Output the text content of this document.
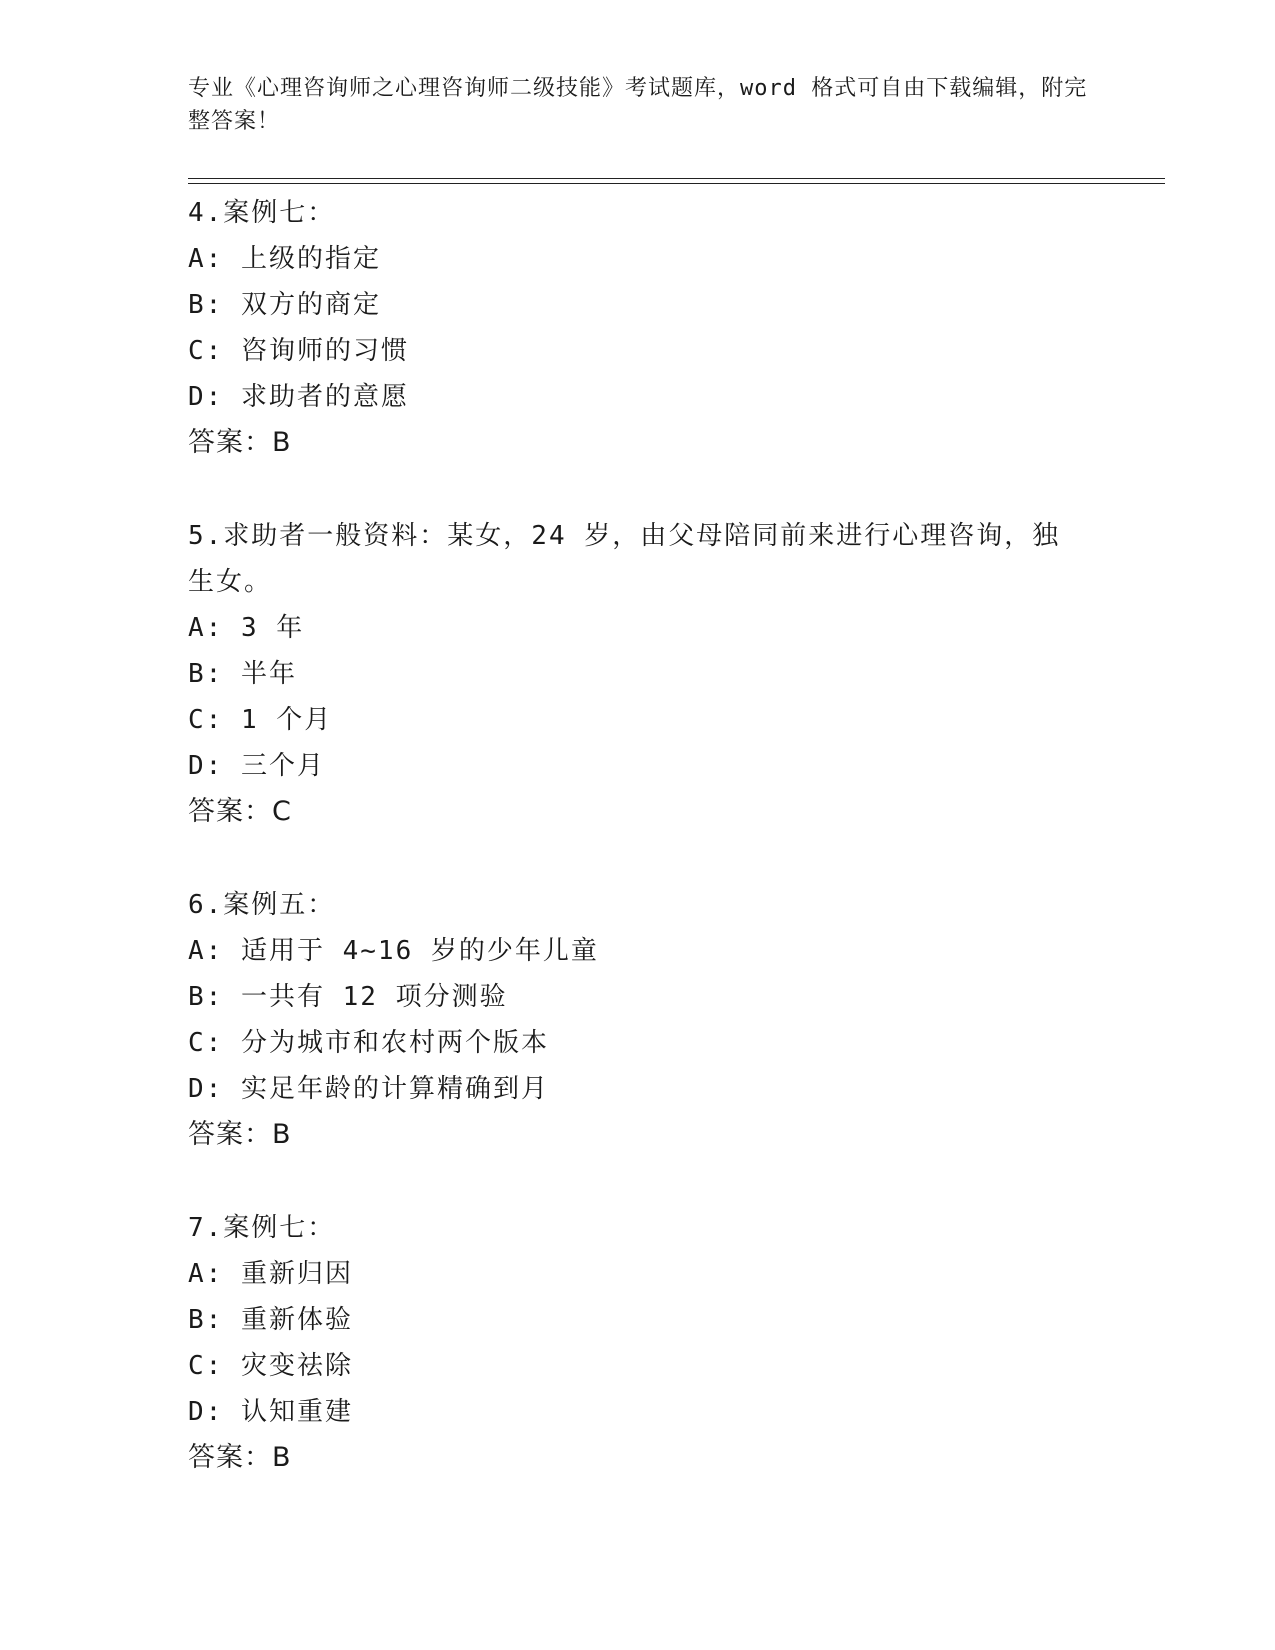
专业《心理咨询师之心理咨询师二级技能》考试题库，word 格式可自由下载编辑，附完整答案！
4.案例七：
A: 上级的指定
B: 双方的商定
C: 咨询师的习惯
D: 求助者的意愿
答案：B
5.求助者一般资料：某女，24 岁，由父母陪同前来进行心理咨询，独生女。
A: 3 年
B: 半年
C: 1 个月
D: 三个月
答案：C
6.案例五：
A: 适用于 4~16 岁的少年儿童
B: 一共有 12 项分测验
C: 分为城市和农村两个版本
D: 实足年龄的计算精确到月
答案：B
7.案例七：
A: 重新归因
B: 重新体验
C: 灾变祛除
D: 认知重建
答案：B
